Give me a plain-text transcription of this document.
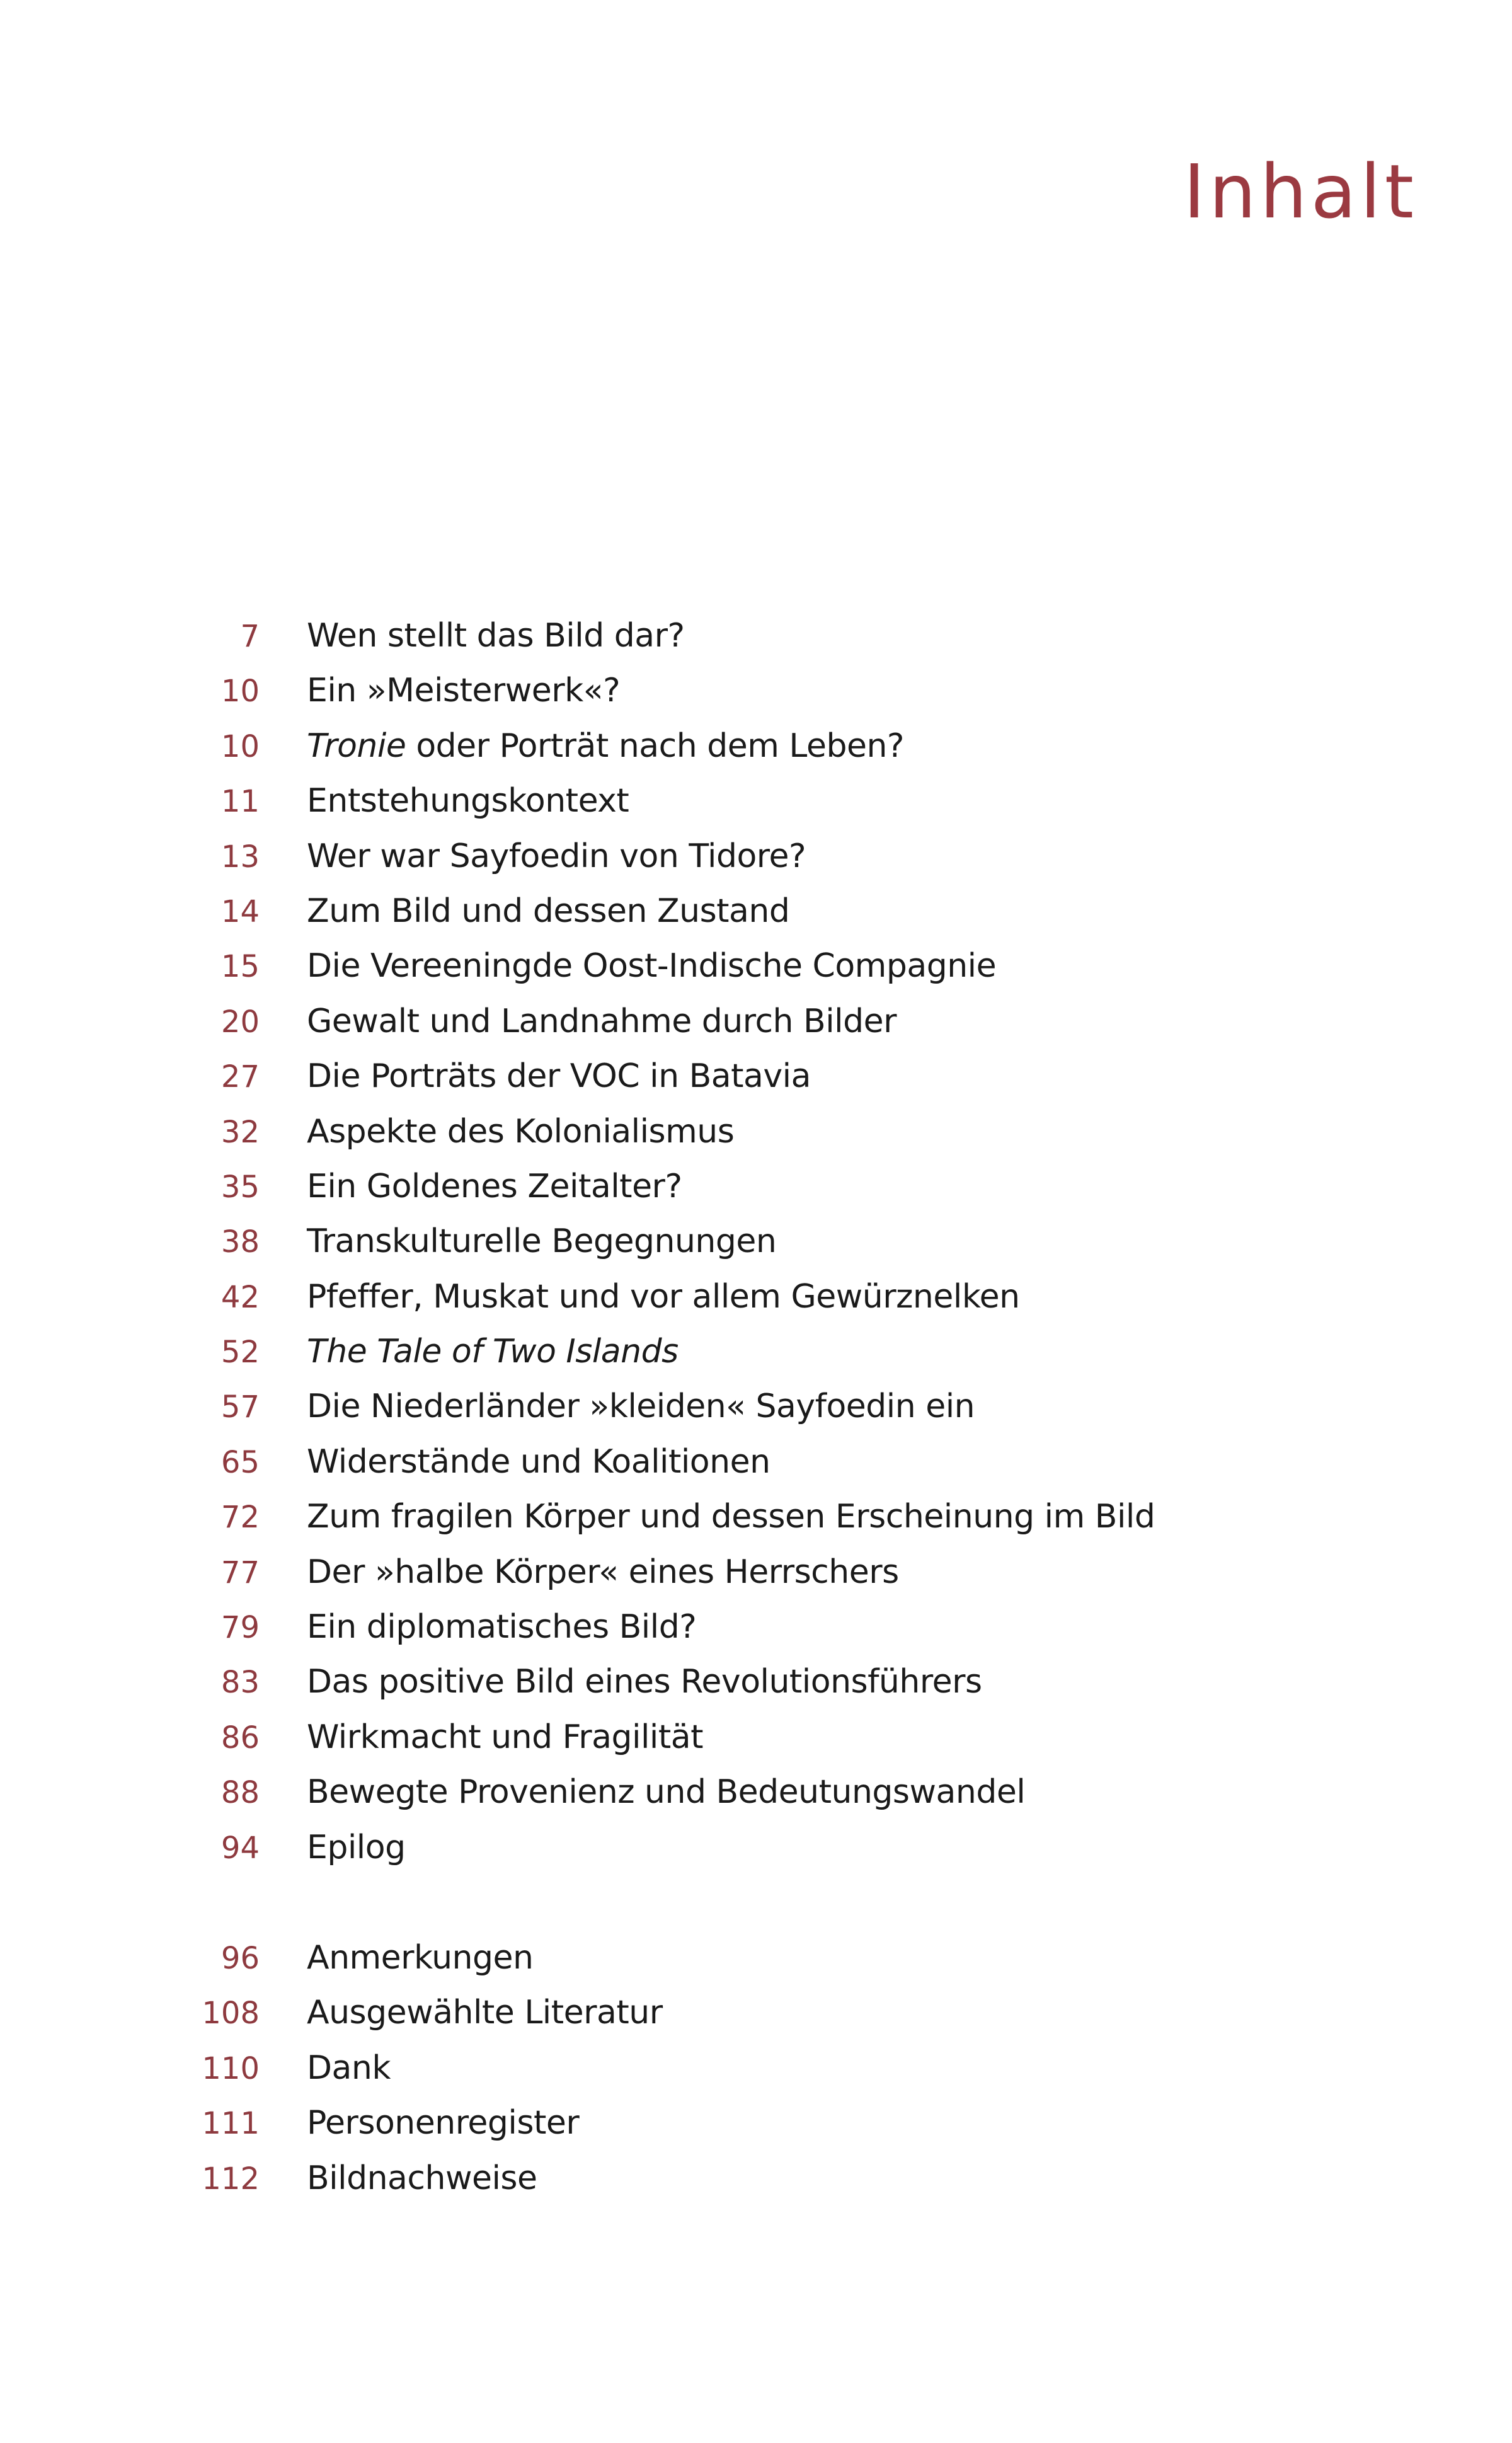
Inhalt
7 Wen stellt das Bild dar?
10 Ein »Meisterwerk«?
10 Tronie oder Porträt nach dem Leben?
11 Entstehungskontext
13 Wer war Sayfoedin von Tidore?
14 Zum Bild und dessen Zustand
15 Die Vereeningde Oost-Indische Compagnie
20 Gewalt und Landnahme durch Bilder
27 Die Porträts der VOC in Batavia
32 Aspekte des Kolonialismus
35 Ein Goldenes Zeitalter?
38 Transkulturelle Begegnungen
42 Pfeffer, Muskat und vor allem Gewürznelken
52 The Tale of Two Islands
57 Die Niederländer »kleiden« Sayfoedin ein
65 Widerstände und Koalitionen
72 Zum fragilen Körper und dessen Erscheinung im Bild
77 Der »halbe Körper« eines Herrschers
79 Ein diplomatisches Bild?
83 Das positive Bild eines Revolutionsführers
86 Wirkmacht und Fragilität
88 Bewegte Provenienz und Bedeutungswandel
94 Epilog
96 Anmerkungen
108 Ausgewählte Literatur
110 Dank
111 Personenregister
112 Bildnachweise
